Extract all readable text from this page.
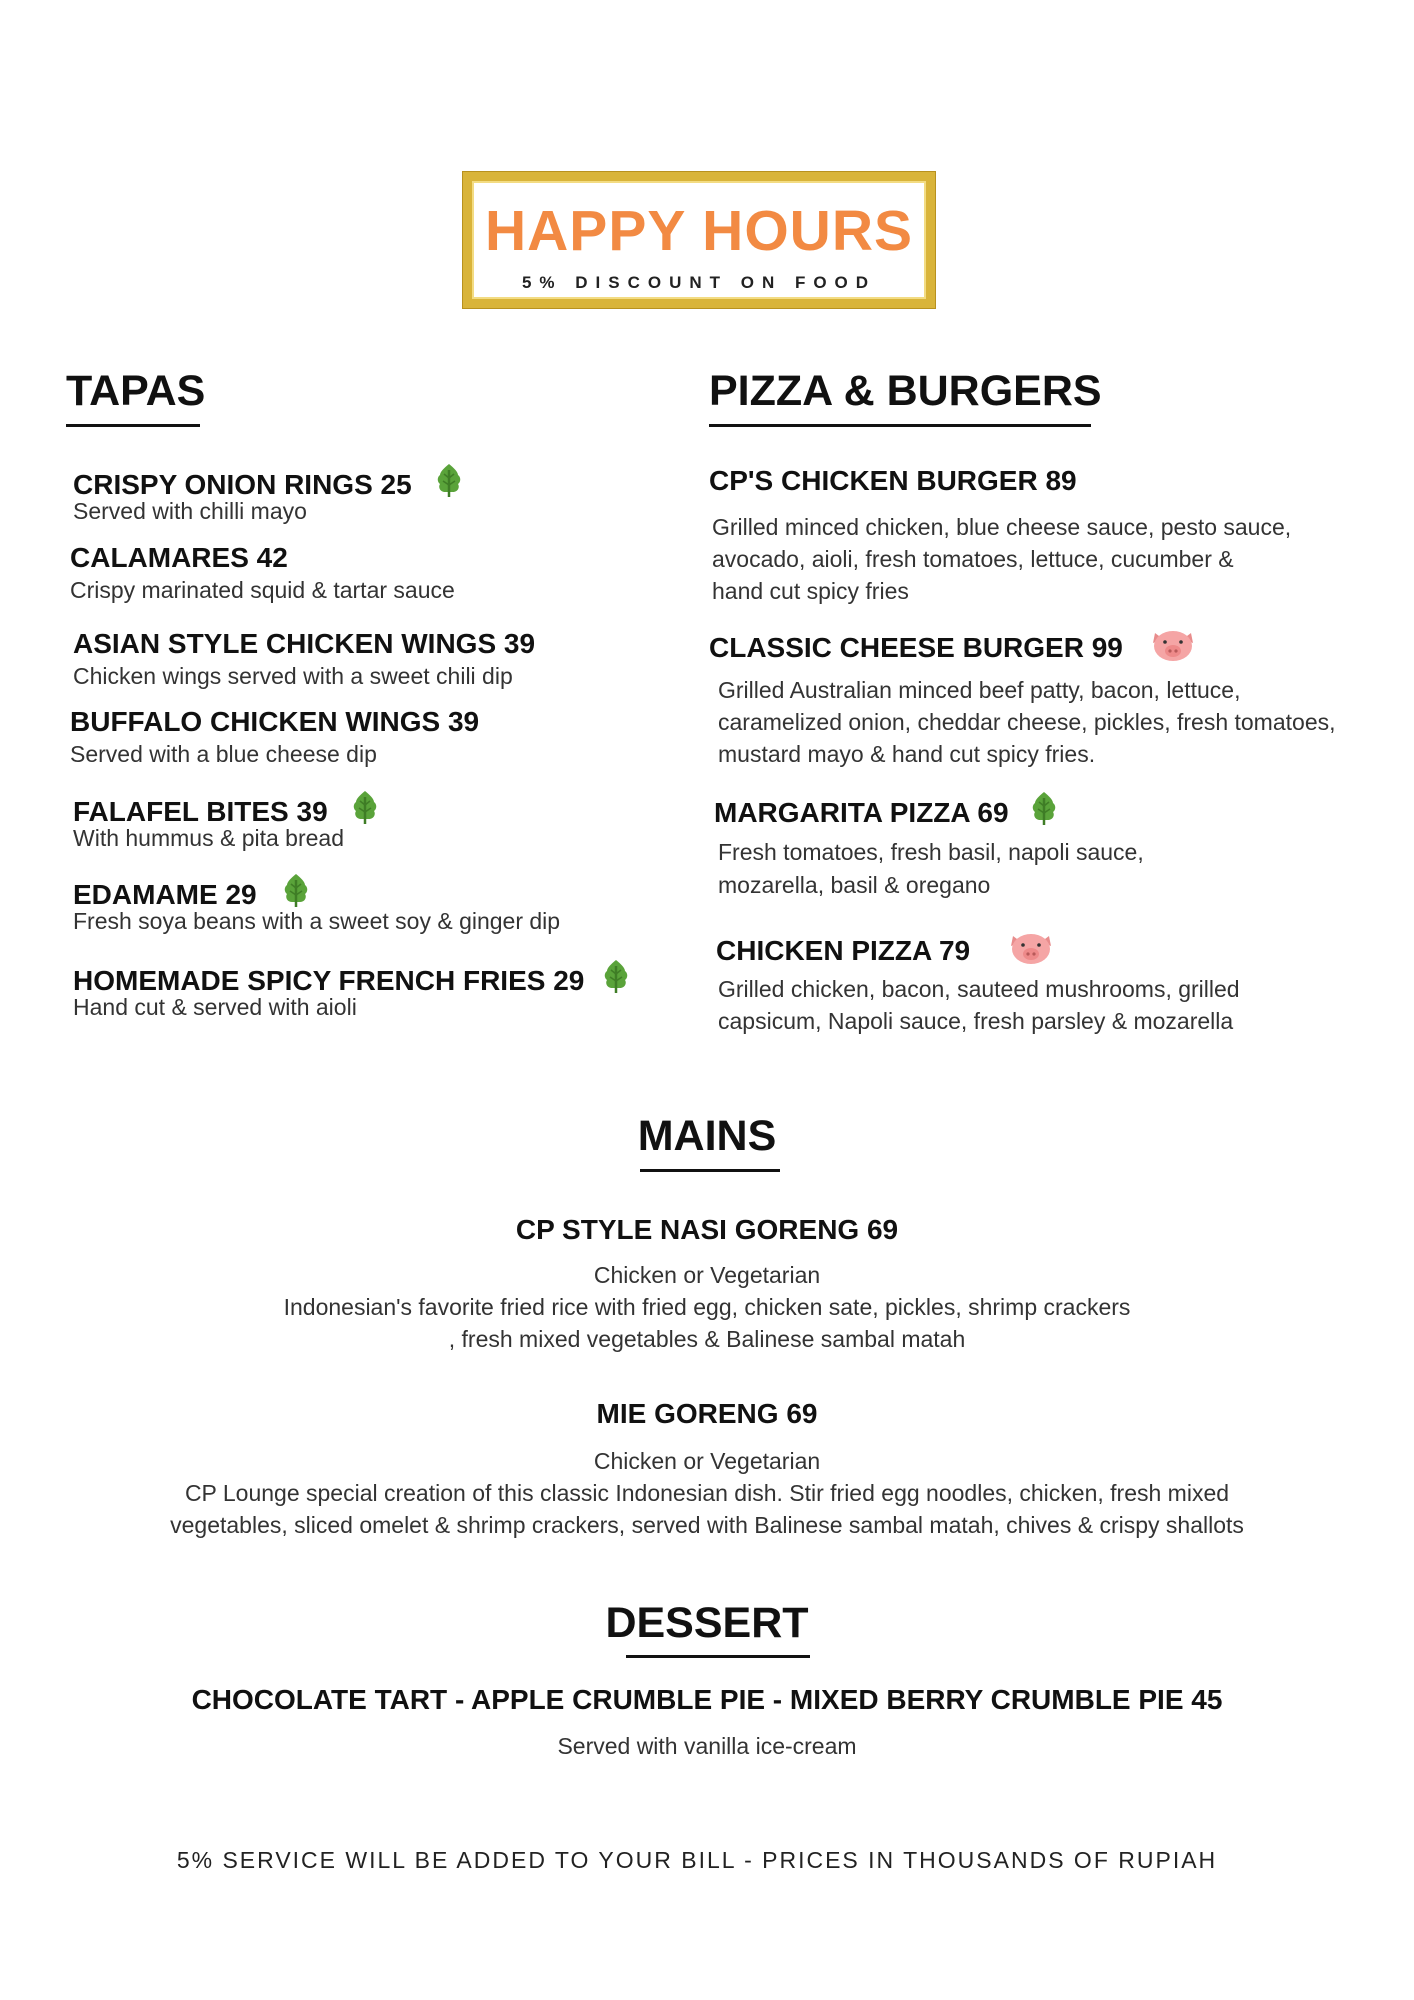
HAPPY HOURS
5% DISCOUNT ON FOOD
TAPAS
CRISPY ONION RINGS 25
Served with chilli mayo
CALAMARES 42
Crispy marinated squid & tartar sauce
ASIAN STYLE CHICKEN WINGS 39
Chicken wings served with a sweet chili dip
BUFFALO CHICKEN WINGS 39
Served with a blue cheese dip
FALAFEL BITES 39
With hummus & pita bread
EDAMAME 29
Fresh soya beans with a sweet soy & ginger dip
HOMEMADE SPICY FRENCH FRIES 29
Hand cut & served with aioli
PIZZA & BURGERS
CP'S CHICKEN BURGER 89
Grilled minced chicken, blue cheese sauce, pesto sauce,
avocado, aioli, fresh tomatoes, lettuce, cucumber &
hand cut spicy fries
CLASSIC CHEESE BURGER 99
Grilled Australian minced beef patty, bacon, lettuce,
caramelized onion, cheddar cheese, pickles, fresh tomatoes,
mustard mayo & hand cut spicy fries.
MARGARITA PIZZA 69
Fresh tomatoes, fresh basil, napoli sauce,
mozarella, basil & oregano
CHICKEN PIZZA 79
Grilled chicken, bacon, sauteed mushrooms, grilled
capsicum, Napoli sauce, fresh parsley & mozarella
MAINS
CP STYLE NASI GORENG 69
Chicken or Vegetarian
Indonesian's favorite fried rice with fried egg, chicken sate, pickles, shrimp crackers
, fresh mixed vegetables & Balinese sambal matah
MIE GORENG 69
Chicken or Vegetarian
CP Lounge special creation of this classic Indonesian dish. Stir fried egg noodles, chicken, fresh mixed
vegetables, sliced omelet & shrimp crackers, served with Balinese sambal matah, chives & crispy shallots
DESSERT
CHOCOLATE TART - APPLE CRUMBLE PIE - MIXED BERRY CRUMBLE PIE 45
Served with vanilla ice-cream
5% SERVICE WILL BE ADDED TO YOUR BILL - PRICES IN THOUSANDS OF RUPIAH
